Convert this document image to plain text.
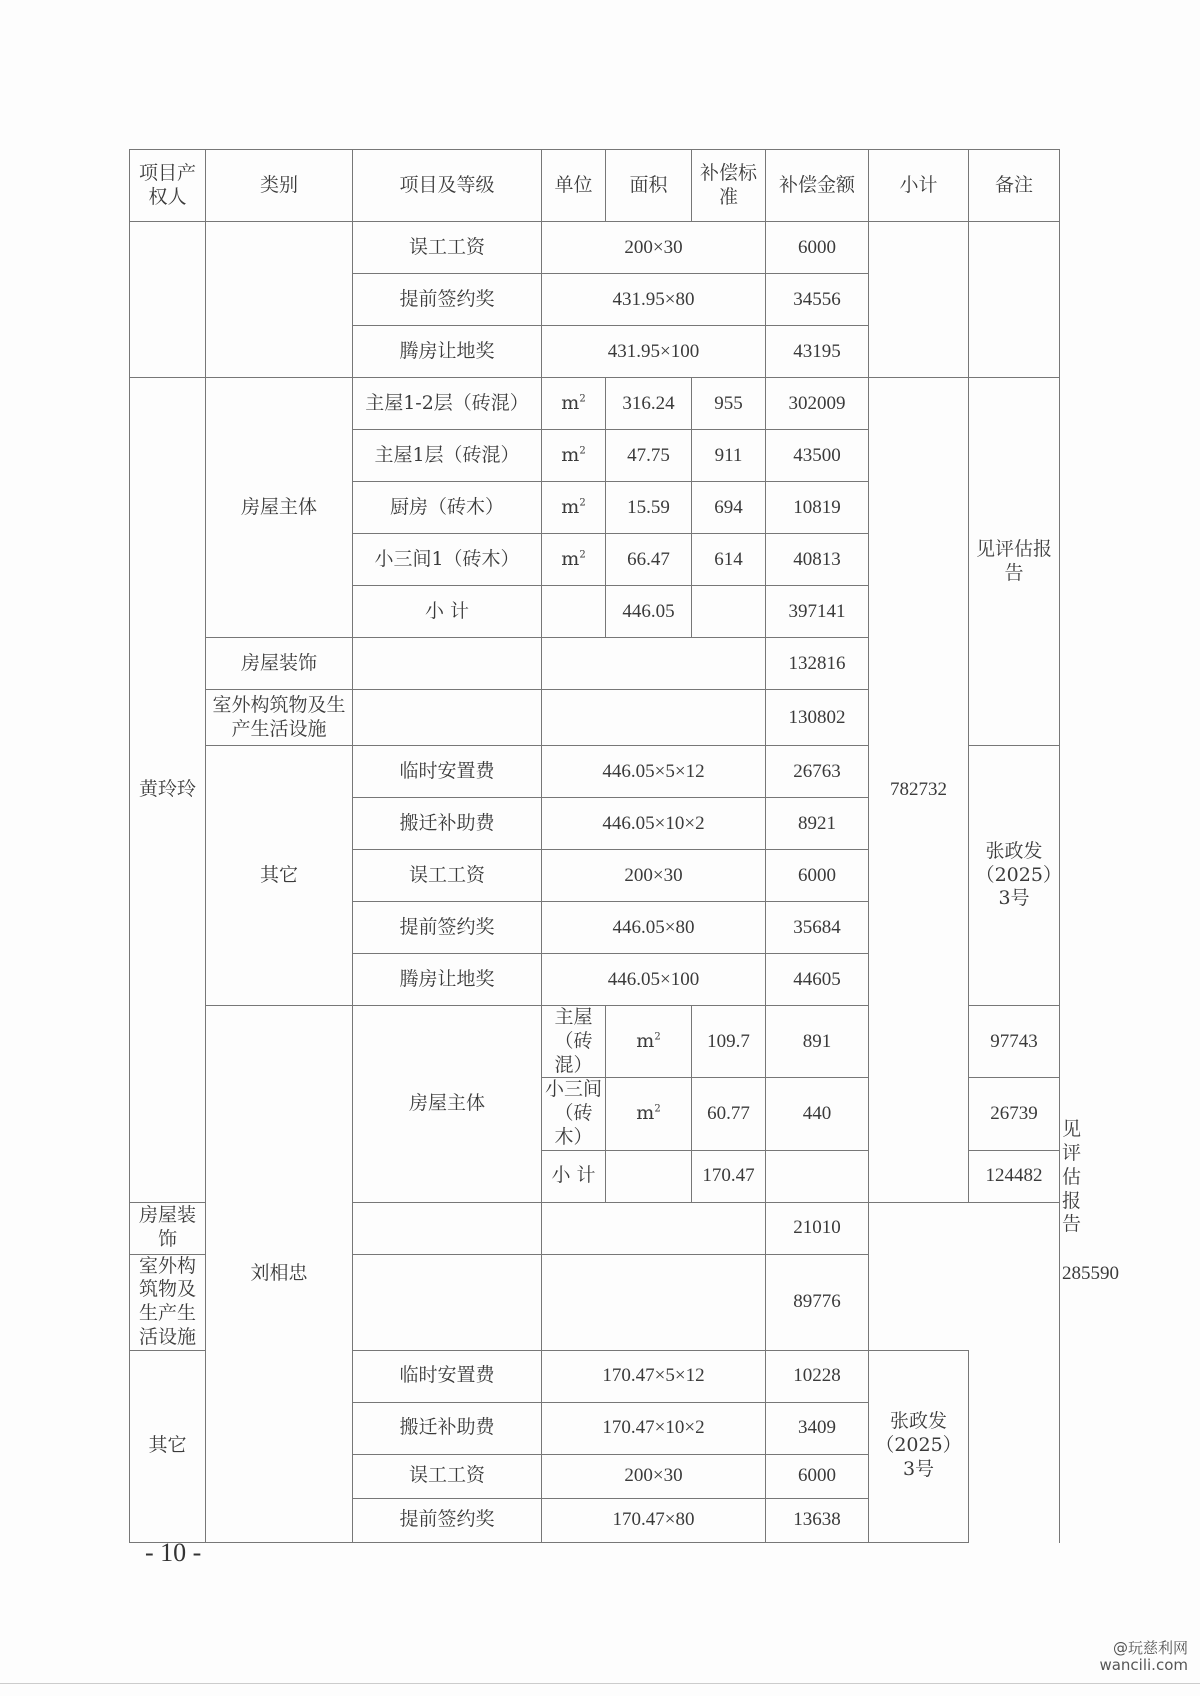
项目产权人	类别	项目及等级	单位	面积	补偿标准	补偿金额	小计	备注	
		误工工资	200×30			6000			
		提前签约奖	431.95×80			34556			
		腾房让地奖	431.95×100			43195			
黄玲玲	房屋主体	主屋1-2层（砖混）	$m^2$	316.24	955	302009	782732	见评估报告	
		主屋1层（砖混）	$m^2$	47.75	911	43500			
		厨房（砖木）	$m^2$	15.59	694	10819			
		小三间1（砖木）	$m^2$	66.47	614	40813			
		小 计		446.05		397141			
	房屋装饰					132816			
	室外构筑物及生产生活设施					130802			
	其它	临时安置费	446.05×5×12			26763		张政发（2025）3号	
		搬迁补助费	446.05×10×2			8921			
		误工工资	200×30			6000			
		提前签约奖	446.05×80			35684			
		腾房让地奖	446.05×100			44605			
	刘相忠	房屋主体	主屋（砖混）	$m^2$	109.7	891		97743	285590	见评估报告
			小三间（砖木）	$m^2$	60.77	440		26739	
			小 计		170.47			124482	
房屋装饰						21010			
室外构筑物及生产生活设施						89776			
其它		临时安置费	170.47×5×12			10228	张政发（2025）3号		
		搬迁补助费	170.47×10×2			3409			
		误工工资	200×30			6000			
		提前签约奖	170.47×80			13638			
- 10 -
@玩慈利网
wancili.com
